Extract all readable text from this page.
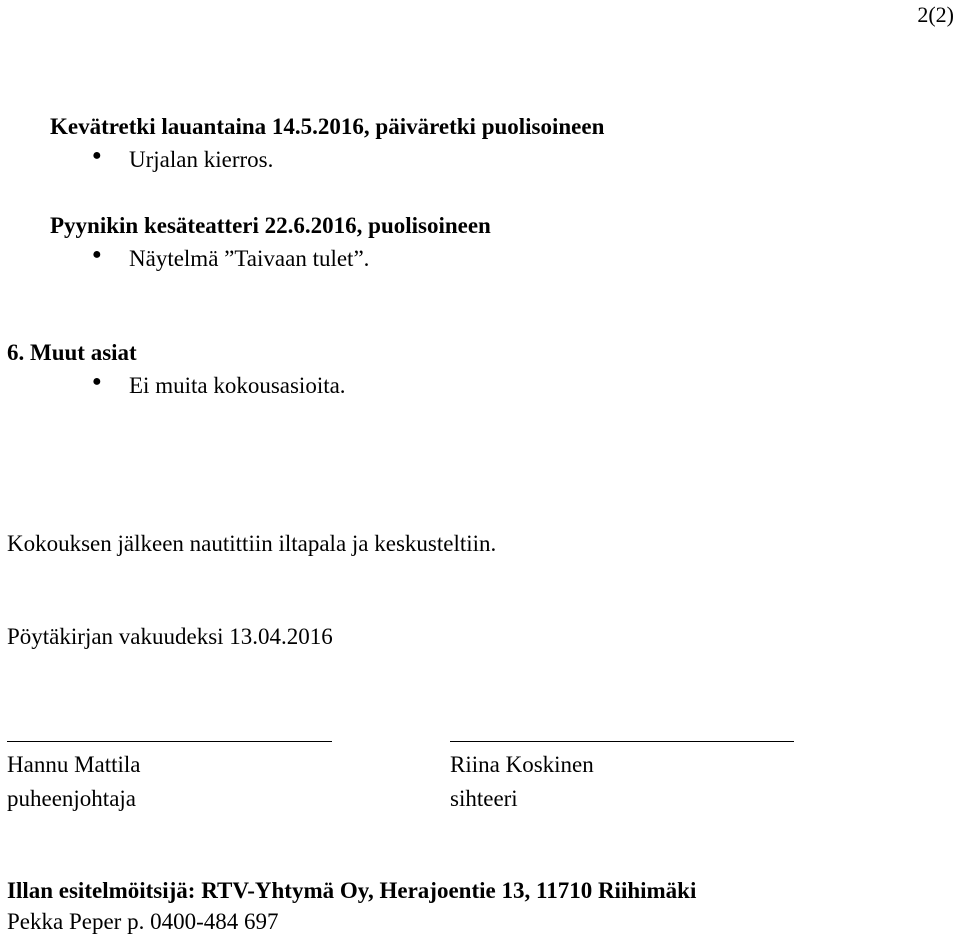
2(2)
Kevätretki lauantaina 14.5.2016, päiväretki puolisoineen
● Urjalan kierros.
Pyynikin kesäteatteri 22.6.2016, puolisoineen
● Näytelmä ”Taivaan tulet”.
6. Muut asiat
● Ei muita kokousasioita.
Kokouksen jälkeen nautittiin iltapala ja keskusteltiin.
Pöytäkirjan vakuudeksi 13.04.2016
Hannu Mattila
puheenjohtaja
Riina Koskinen
sihteeri
Illan esitelmöitsijä: RTV-Yhtymä Oy, Herajoentie 13, 11710 Riihimäki
Pekka Peper p. 0400-484 697
